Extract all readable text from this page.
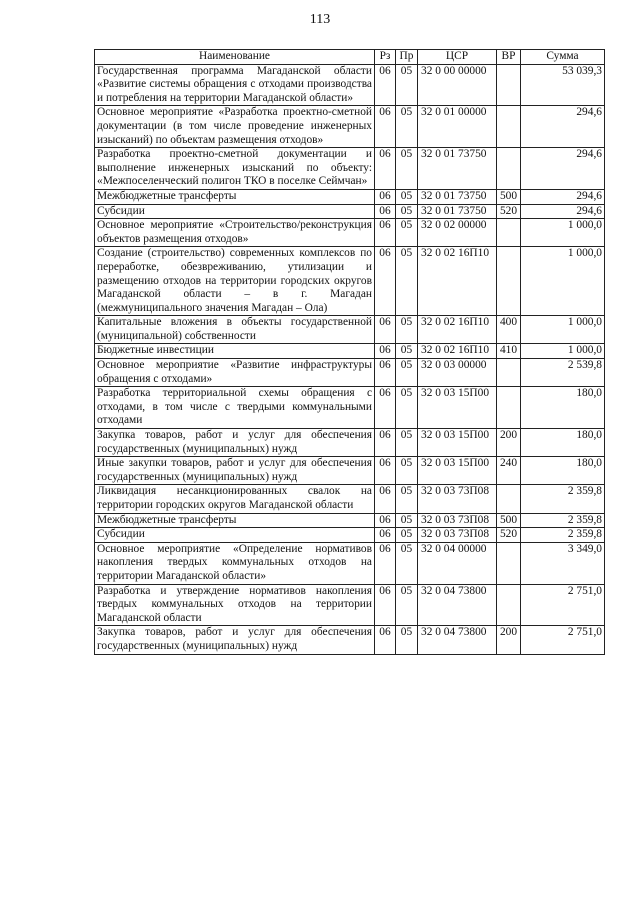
113
Наименование	Рз	Пр	ЦСР	ВР	Сумма
Государственная программа Магаданской области «Развитие системы обращения с отходами производства и потребления на территории Магаданской области»	06	05	32 0 00 00000		53 039,3
Основное мероприятие «Разработка проектно-сметной документации (в том числе проведение инженерных изысканий) по объектам размещения отходов»	06	05	32 0 01 00000		294,6
Разработка проектно-сметной документации и выполнение инженерных изысканий по объекту: «Межпоселенческий полигон ТКО в поселке Сеймчан»	06	05	32 0 01 73750		294,6
Межбюджетные трансферты	06	05	32 0 01 73750	500	294,6
Субсидии	06	05	32 0 01 73750	520	294,6
Основное мероприятие «Строительство/реконструкция объектов размещения отходов»	06	05	32 0 02 00000		1 000,0
Создание (строительство) современных комплексов по переработке, обезвреживанию, утилизации и размещению отходов на территории городских округов Магаданской области – в г. Магадан (межмуниципального значения Магадан – Ола)	06	05	32 0 02 16П10		1 000,0
Капитальные вложения в объекты государственной (муниципальной) собственности	06	05	32 0 02 16П10	400	1 000,0
Бюджетные инвестиции	06	05	32 0 02 16П10	410	1 000,0
Основное мероприятие «Развитие инфраструктуры обращения с отходами»	06	05	32 0 03 00000		2 539,8
Разработка территориальной схемы обращения с отходами, в том числе с твердыми коммунальными отходами	06	05	32 0 03 15П00		180,0
Закупка товаров, работ и услуг для обеспечения государственных (муниципальных) нужд	06	05	32 0 03 15П00	200	180,0
Иные закупки товаров, работ и услуг для обеспечения государственных (муниципальных) нужд	06	05	32 0 03 15П00	240	180,0
Ликвидация несанкционированных свалок на территории городских округов Магаданской области	06	05	32 0 03 73П08		2 359,8
Межбюджетные трансферты	06	05	32 0 03 73П08	500	2 359,8
Субсидии	06	05	32 0 03 73П08	520	2 359,8
Основное мероприятие «Определение нормативов накопления твердых коммунальных отходов на территории Магаданской области»	06	05	32 0 04 00000		3 349,0
Разработка и утверждение нормативов накопления твердых коммунальных отходов на территории Магаданской области	06	05	32 0 04 73800		2 751,0
Закупка товаров, работ и услуг для обеспечения государственных (муниципальных) нужд	06	05	32 0 04 73800	200	2 751,0
